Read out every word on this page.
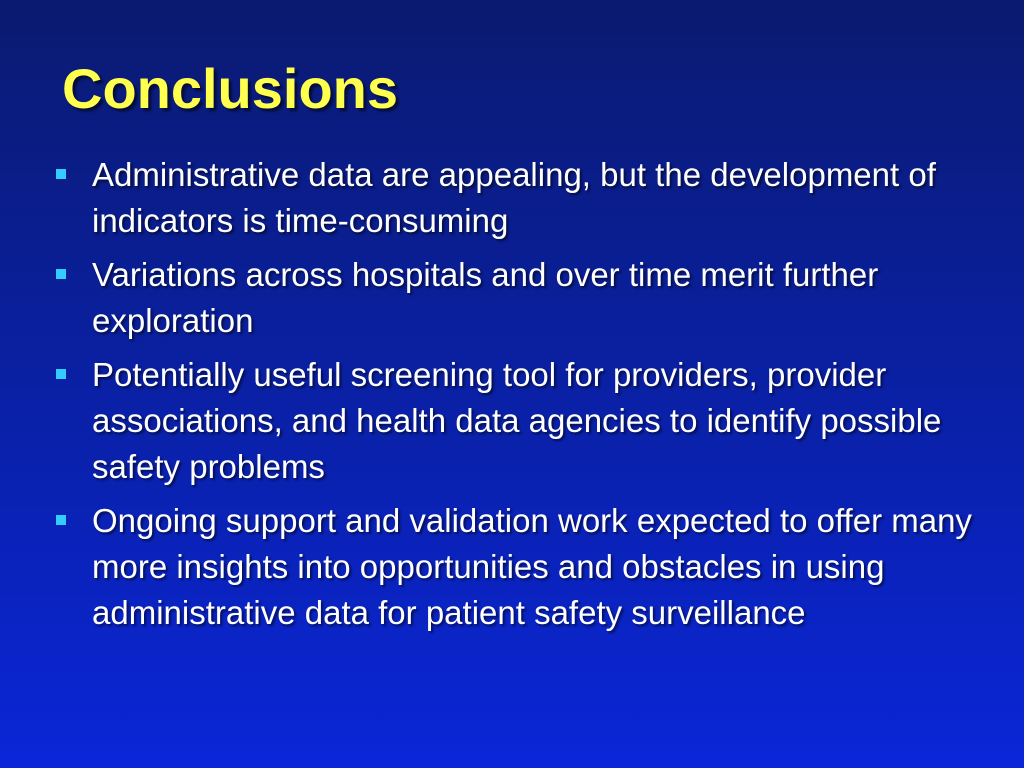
Conclusions
Administrative data are appealing, but the development of indicators is time-consuming
Variations across hospitals and over time merit further exploration
Potentially useful screening tool for providers, provider associations, and health data agencies to identify possible safety problems
Ongoing support and validation work expected to offer many more insights into opportunities and obstacles in using administrative data for patient safety surveillance
